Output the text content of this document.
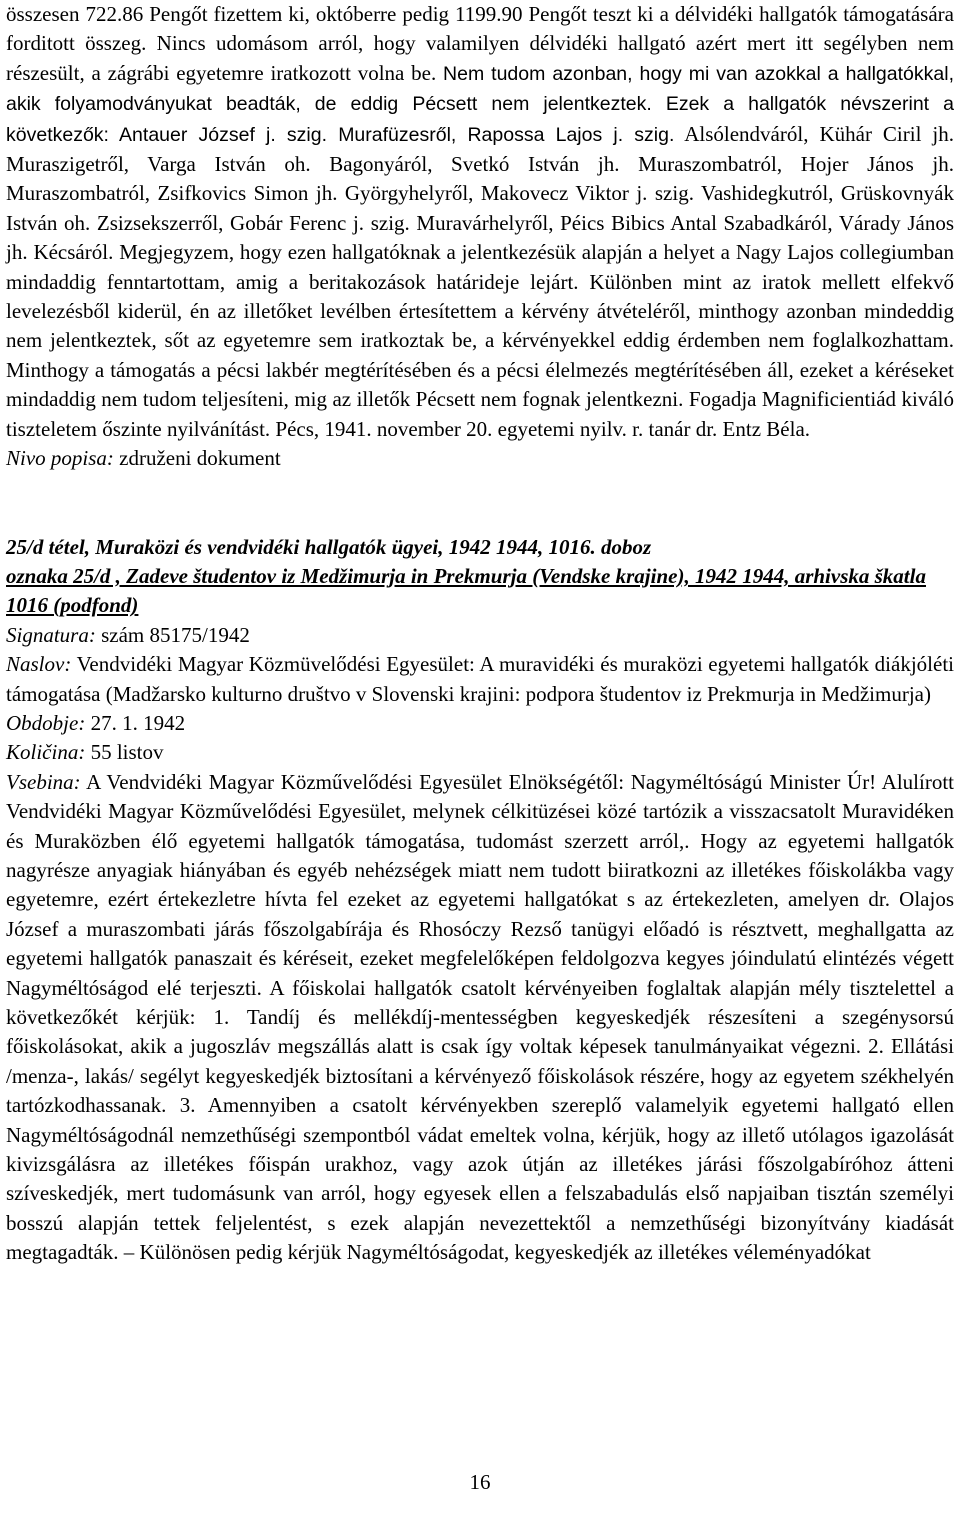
összesen 722.86 Pengőt fizettem ki, októberre pedig 1199.90 Pengőt teszt ki a délvidéki hallgatók támogatására forditott összeg. Nincs udomásom arról, hogy valamilyen délvidéki hallgató azért mert itt segélyben nem részesült, a zágrábi egyetemre iratkozott volna be. Nem tudom azonban, hogy mi van azokkal a hallgatókkal, akik folyamodványukat beadták, de eddig Pécsett nem jelentkeztek. Ezek a hallgatók névszerint a következők: Antauer József j. szig. Murafüzesről, Rapossa Lajos j. szig. Alsólendváról, Kühár Ciril jh. Muraszigetről, Varga István oh. Bagonyáról, Svetkó István jh. Muraszombatról, Hojer János jh. Muraszombatról, Zsifkovics Simon jh. Györgyhelyről, Makovecz Viktor j. szig. Vashidegkutról, Grüskovnyák István oh. Zsizsekszerről, Gobár Ferenc j. szig. Muravárhelyről, Péics Bibics Antal Szabadkáról, Várady János jh. Kécsáról. Megjegyzem, hogy ezen hallgatóknak a jelentkezésük alapján a helyet a Nagy Lajos collegiumban mindaddig fenntartottam, amig a beritakozások határideje lejárt. Különben mint az iratok mellett elfekvő levelezésből kiderül, én az illetőket levélben értesítettem a kérvény átvételéről, minthogy azonban mindeddig nem jelentkeztek, sőt az egyetemre sem iratkoztak be, a kérvényekkel eddig érdemben nem foglalkozhattam. Minthogy a támogatás a pécsi lakbér megtérítésében és a pécsi élelmezés megtérítésében áll, ezeket a kéréseket mindaddig nem tudom teljesíteni, mig az illetők Pécsett nem fognak jelentkezni. Fogadja Magnificientiád kiváló tiszteletem őszinte nyilvánítást. Pécs, 1941. november 20. egyetemi nyilv. r. tanár dr. Entz Béla.

Nivo popisa: združeni dokument

25/d tétel, Muraközi és vendvidéki hallgatók ügyei, 1942 1944, 1016. doboz

oznaka 25/d , Zadeve študentov iz Medžimurja in Prekmurja (Vendske krajine), 1942 1944, arhivska škatla 1016 (podfond)

Signatura: szám 85175/1942

Naslov: Vendvidéki Magyar Közmüvelődési Egyesület: A muravidéki és muraközi egyetemi hallgatók diákjóléti támogatása (Madžarsko kulturno društvo v Slovenski krajini: podpora študentov iz Prekmurja in Medžimurja)

Obdobje: 27. 1. 1942

Količina: 55 listov

Vsebina: A Vendvidéki Magyar Közművelődési Egyesület Elnökségétől: Nagyméltóságú Minister Úr! Alulírott Vendvidéki Magyar Közművelődési Egyesület, melynek célkitüzései közé tartózik a visszacsatolt Muravidéken és Muraközben élő egyetemi hallgatók támogatása, tudomást szerzett arról,. Hogy az egyetemi hallgatók nagyrésze anyagiak hiányában és egyéb nehézségek miatt nem tudott biiratkozni az illetékes főiskolákba vagy egyetemre, ezért értekezletre hívta fel ezeket az egyetemi hallgatókat s az értekezleten, amelyen dr. Olajos József a muraszombati járás főszolgabírája és Rhosóczy Rezső tanügyi előadó is résztvett, meghallgatta az egyetemi hallgatók panaszait és kéréseit, ezeket megfelelőképen feldolgozva kegyes jóindulatú elintézés végett Nagyméltóságod elé terjeszti. A főiskolai hallgatók csatolt kérvényeiben foglaltak alapján mély tisztelettel a következőkét kérjük: 1. Tandíj és mellékdíj-mentességben kegyeskedjék részesíteni a szegénysorsú főiskolásokat, akik a jugoszláv megszállás alatt is csak így voltak képesek tanulmányaikat végezni. 2. Ellátási /menza-, lakás/ segélyt kegyeskedjék biztosítani a kérvényező főiskolások részére, hogy az egyetem székhelyén tartózkodhassanak. 3. Amennyiben a csatolt kérvényekben szereplő valamelyik egyetemi hallgató ellen Nagyméltóságodnál nemzethűségi szempontból vádat emeltek volna, kérjük, hogy az illető utólagos igazolását kivizsgálásra az illetékes főispán urakhoz, vagy azok útján az illetékes járási főszolgabíróhoz átteni szíveskedjék, mert tudomásunk van arról, hogy egyesek ellen a felszabadulás első napjaiban tisztán személyi bosszú alapján tettek feljelentést, s ezek alapján nevezettektől a nemzethűségi bizonyítvány kiadását megtagadták. – Különösen pedig kérjük Nagyméltóságodat, kegyeskedjék az illetékes véleményadókat

16
